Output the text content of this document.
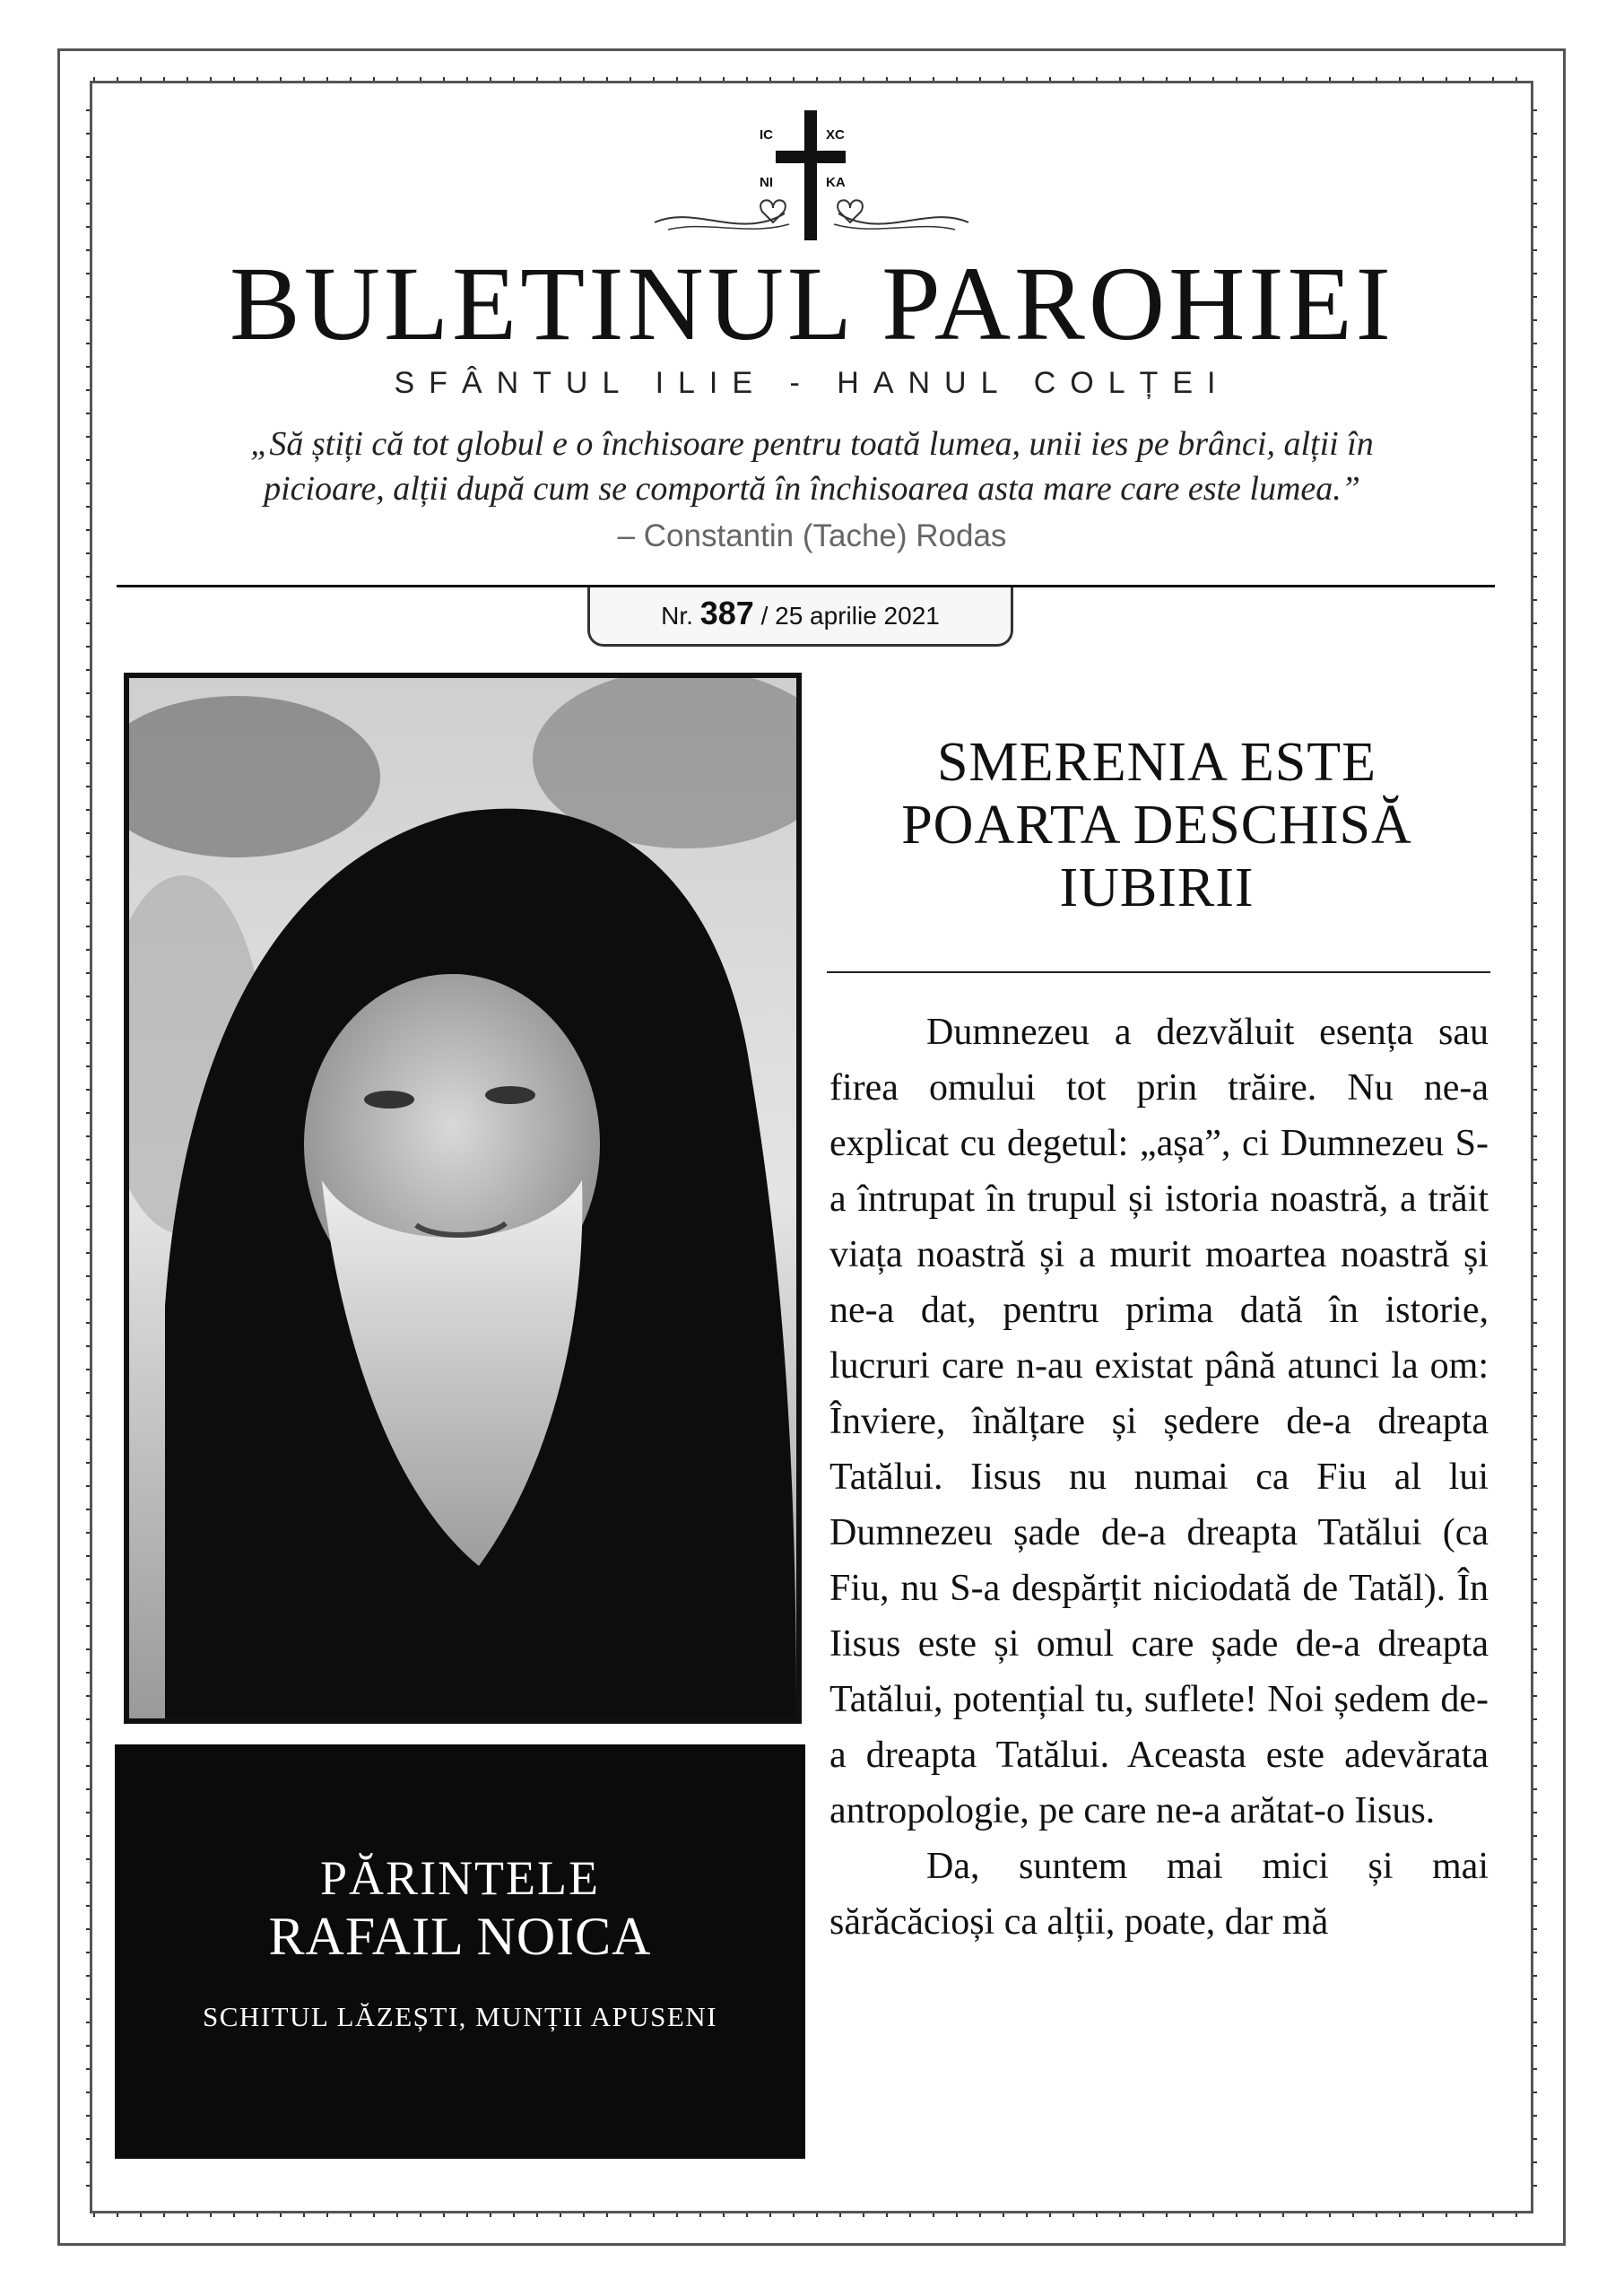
IC	XC
NI	KA
BULETINUL PAROHIEI
SFÂNTUL ILIE - HANUL COLȚEI
„Să știți că tot globul e o închisoare pentru toată lumea, unii ies pe brânci, alții în
picioare, alții după cum se comportă în închisoarea asta mare care este lumea.”
– Constantin (Tache) Rodas
Nr. 387 / 25 aprilie 2021
PĂRINTELE
RAFAIL NOICA
SCHITUL LĂZEȘTI, MUNȚII APUSENI
SMERENIA ESTE
POARTA DESCHISĂ
IUBIRII

Dumnezeu a dezvăluit esența sau firea omului tot prin trăire. Nu ne-a explicat cu degetul: „așa”, ci Dumnezeu S-a întrupat în trupul și istoria noastră, a trăit viața noastră și a murit moartea noastră și ne-a dat, pentru prima dată în istorie, lucruri care n-au existat până atunci la om: Înviere, înălțare și ședere de-a dreapta Tatălui. Iisus nu numai ca Fiu al lui Dumnezeu șade de-a dreapta Tatălui (ca Fiu, nu S-a despărțit niciodată de Tatăl). În Iisus este și omul care șade de-a dreapta Tatălui, potențial tu, suflete! Noi ședem de-a dreapta Tatălui. Aceasta este adevărata antropologie, pe care ne-a arătat-o Iisus.

Da, suntem mai mici și mai sărăcăcioși ca alții, poate, dar mă
